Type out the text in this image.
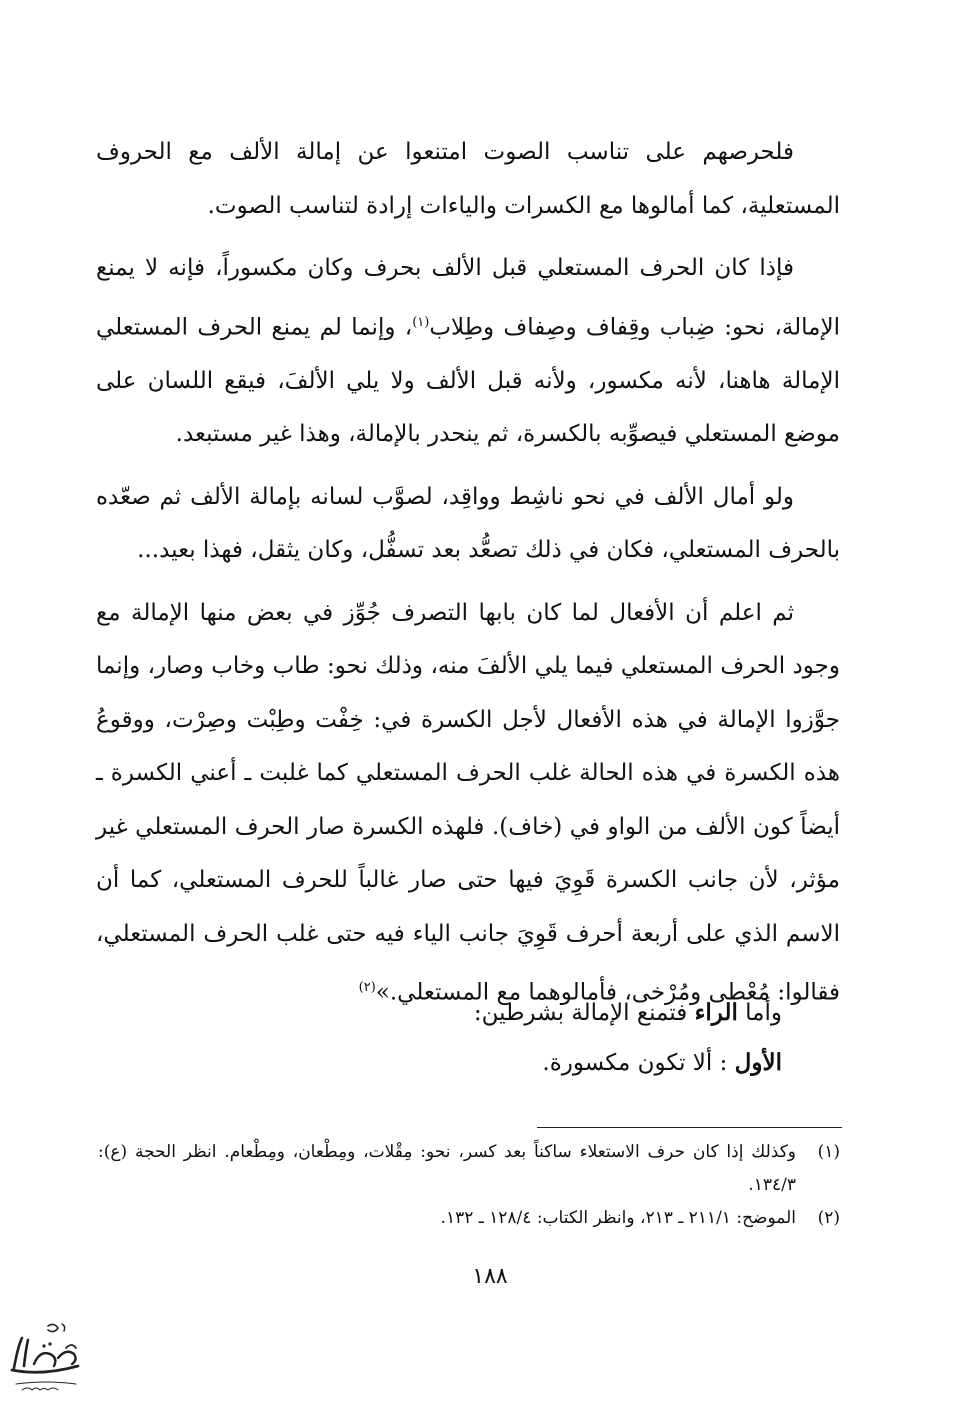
فلحرصهم على تناسب الصوت امتنعوا عن إمالة الألف مع الحروف المستعلية، كما أمالوها مع الكسرات والياءات إرادة لتناسب الصوت.

فإذا كان الحرف المستعلي قبل الألف بحرف وكان مكسوراً، فإنه لا يمنع الإمالة، نحو: ضِباب وقِفاف وصِفاف وطِلاب$^{(١)}$، وإنما لم يمنع الحرف المستعلي الإمالة هاهنا، لأنه مكسور، ولأنه قبل الألف ولا يلي الألفَ، فيقع اللسان على موضع المستعلي فيصوِّبه بالكسرة، ثم ينحدر بالإمالة، وهذا غير مستبعد.

ولو أمال الألف في نحو ناشِط وواقِد، لصوَّب لسانه بإمالة الألف ثم صعّده بالحرف المستعلي، فكان في ذلك تصعُّد بعد تسفُّل، وكان يثقل، فهذا بعيد...

ثم اعلم أن الأفعال لما كان بابها التصرف جُوِّز في بعض منها الإمالة مع وجود الحرف المستعلي فيما يلي الألفَ منه، وذلك نحو: طاب وخاب وصار، وإنما جوَّزوا الإمالة في هذه الأفعال لأجل الكسرة في: خِفْت وطِبْت وصِرْت، ووقوعُ هذه الكسرة في هذه الحالة غلب الحرف المستعلي كما غلبت ـ أعني الكسرة ـ أيضاً كون الألف من الواو في (خاف). فلهذه الكسرة صار الحرف المستعلي غير مؤثر، لأن جانب الكسرة قَوِيَ فيها حتى صار غالباً للحرف المستعلي، كما أن الاسم الذي على أربعة أحرف قَوِيَ جانب الياء فيه حتى غلب الحرف المستعلي، فقالوا: مُعْطى ومُرْخى، فأمالوهما مع المستعلي.»$^{(٢)}$

وأما الراء فتمنع الإمالة بشرطين:
الأول : ألا تكون مكسورة.

(١)وكذلك إذا كان حرف الاستعلاء ساكناً بعد كسر، نحو: مِقْلات، ومِطْعان، ومِطْعام. انظر الحجة (ع): ٣/‏١٣٤.

(٢)الموضح: ١/‏٢١١ ـ ٢١٣، وانظر الكتاب: ٤/‏١٢٨ ـ ١٣٢.

١٨٨
